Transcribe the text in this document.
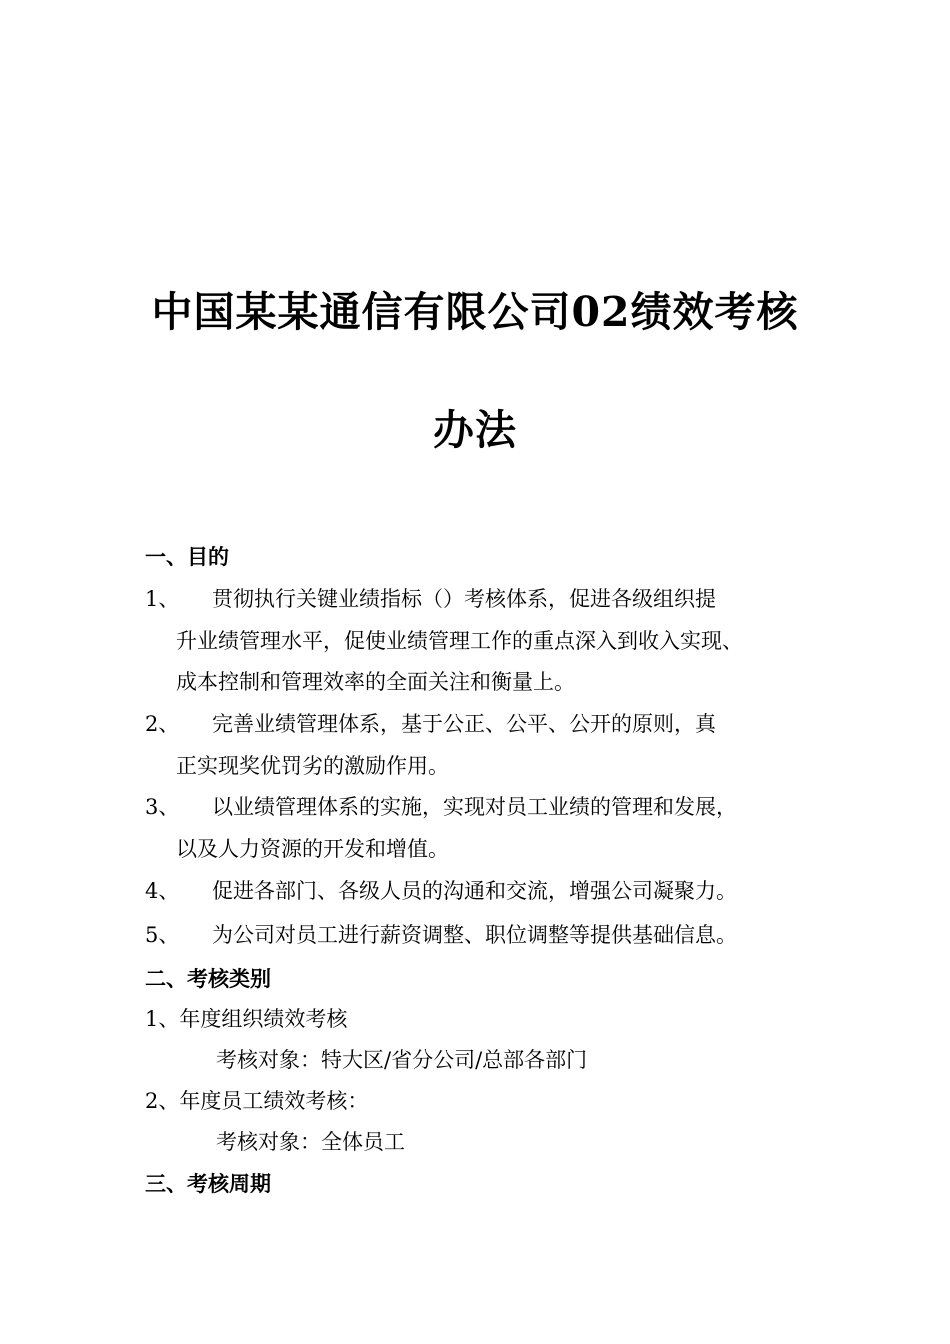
中国某某通信有限公司02绩效考核
办法
一、目的
1、 贯彻执行关键业绩指标（）考核体系，促进各级组织提
升业绩管理水平，促使业绩管理工作的重点深入到收入实现、
成本控制和管理效率的全面关注和衡量上。
2、 完善业绩管理体系，基于公正、公平、公开的原则，真
正实现奖优罚劣的激励作用。
3、 以业绩管理体系的实施，实现对员工业绩的管理和发展，
以及人力资源的开发和增值。
4、 促进各部门、各级人员的沟通和交流，增强公司凝聚力。
5、 为公司对员工进行薪资调整、职位调整等提供基础信息。
二、考核类别
1、年度组织绩效考核
考核对象：特大区/省分公司/总部各部门
2、年度员工绩效考核：
考核对象：全体员工
三、考核周期
